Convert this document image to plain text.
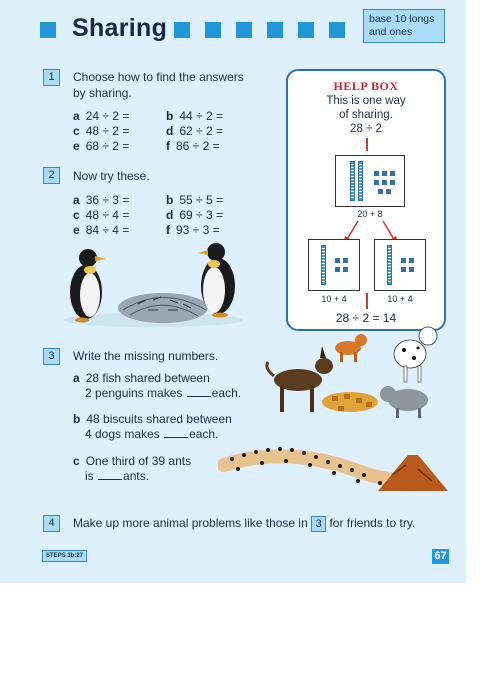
Sharing	base 10 longs
and ones
1	Choose how to find the answers
by sharing.
a 24 ÷ 2 =	b 44 ÷ 2 =
c 48 ÷ 2 =	d 62 ÷ 2 =
e 68 ÷ 2 =	f 86 ÷ 2 =
2	Now try these.
a 36 ÷ 3 =	b 55 ÷ 5 =
c 48 ÷ 4 =	d 69 ÷ 3 =
e 84 ÷ 4 =	f 93 ÷ 3 =
HELP BOX
This is one way
of sharing.
28 ÷ 2
20 + 8
10 + 4	10 + 4
28 ÷ 2 = 14
3	Write the missing numbers.
a 28 fish shared between
2 penguins makes each.
b 48 biscuits shared between
4 dogs makes each.
c One third of 39 ants
is ants.
4	Make up more animal problems like those in 3 for friends to try.
STEPS 3b:27	67
